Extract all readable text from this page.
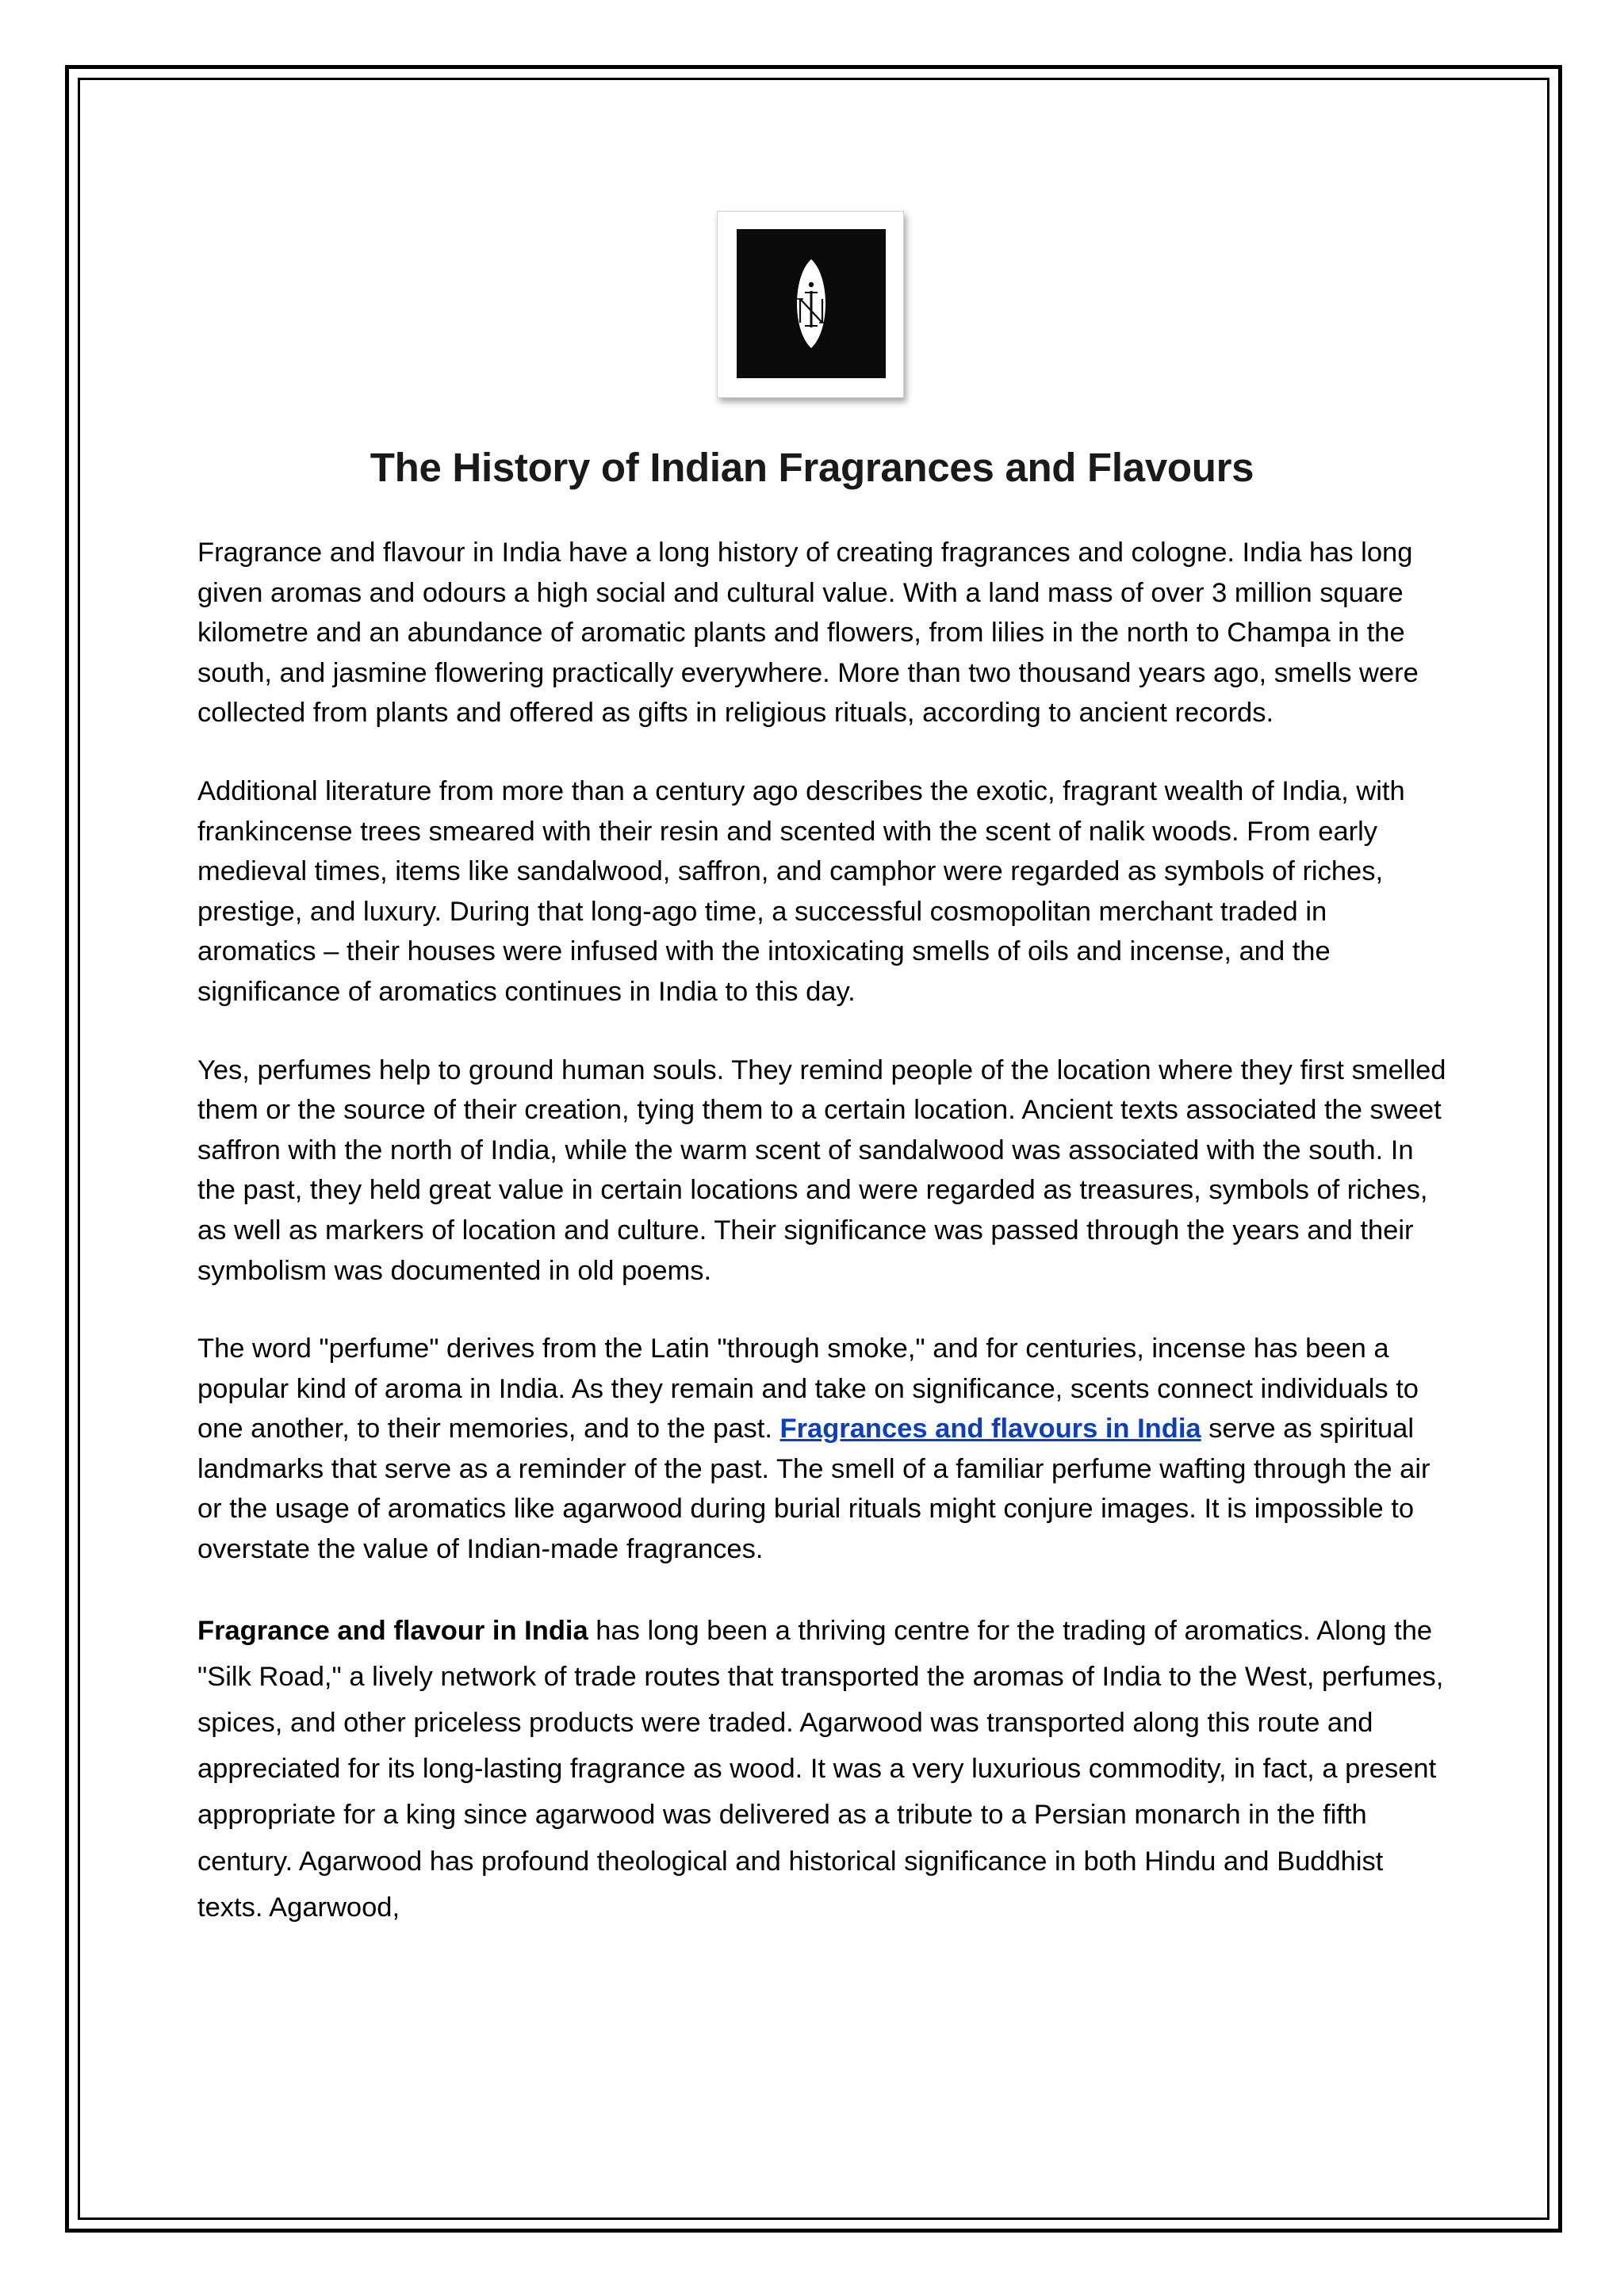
The History of Indian Fragrances and Flavours

Fragrance and flavour in India have a long history of creating fragrances and cologne. India has long given aromas and odours a high social and cultural value. With a land mass of over 3 million square kilometre and an abundance of aromatic plants and flowers, from lilies in the north to Champa in the south, and jasmine flowering practically everywhere. More than two thousand years ago, smells were collected from plants and offered as gifts in religious rituals, according to ancient records.

Additional literature from more than a century ago describes the exotic, fragrant wealth of India, with frankincense trees smeared with their resin and scented with the scent of nalik woods. From early medieval times, items like sandalwood, saffron, and camphor were regarded as symbols of riches, prestige, and luxury. During that long-ago time, a successful cosmopolitan merchant traded in aromatics – their houses were infused with the intoxicating smells of oils and incense, and the significance of aromatics continues in India to this day.

Yes, perfumes help to ground human souls. They remind people of the location where they first smelled them or the source of their creation, tying them to a certain location. Ancient texts associated the sweet saffron with the north of India, while the warm scent of sandalwood was associated with the south. In the past, they held great value in certain locations and were regarded as treasures, symbols of riches, as well as markers of location and culture. Their significance was passed through the years and their symbolism was documented in old poems.

The word "perfume" derives from the Latin "through smoke," and for centuries, incense has been a popular kind of aroma in India. As they remain and take on significance, scents connect individuals to one another, to their memories, and to the past. Fragrances and flavours in India serve as spiritual landmarks that serve as a reminder of the past. The smell of a familiar perfume wafting through the air or the usage of aromatics like agarwood during burial rituals might conjure images. It is impossible to overstate the value of Indian-made fragrances.

Fragrance and flavour in India has long been a thriving centre for the trading of aromatics. Along the "Silk Road," a lively network of trade routes that transported the aromas of India to the West, perfumes, spices, and other priceless products were traded. Agarwood was transported along this route and appreciated for its long-lasting fragrance as wood. It was a very luxurious commodity, in fact, a present appropriate for a king since agarwood was delivered as a tribute to a Persian monarch in the fifth century. Agarwood has profound theological and historical significance in both Hindu and Buddhist texts. Agarwood,
